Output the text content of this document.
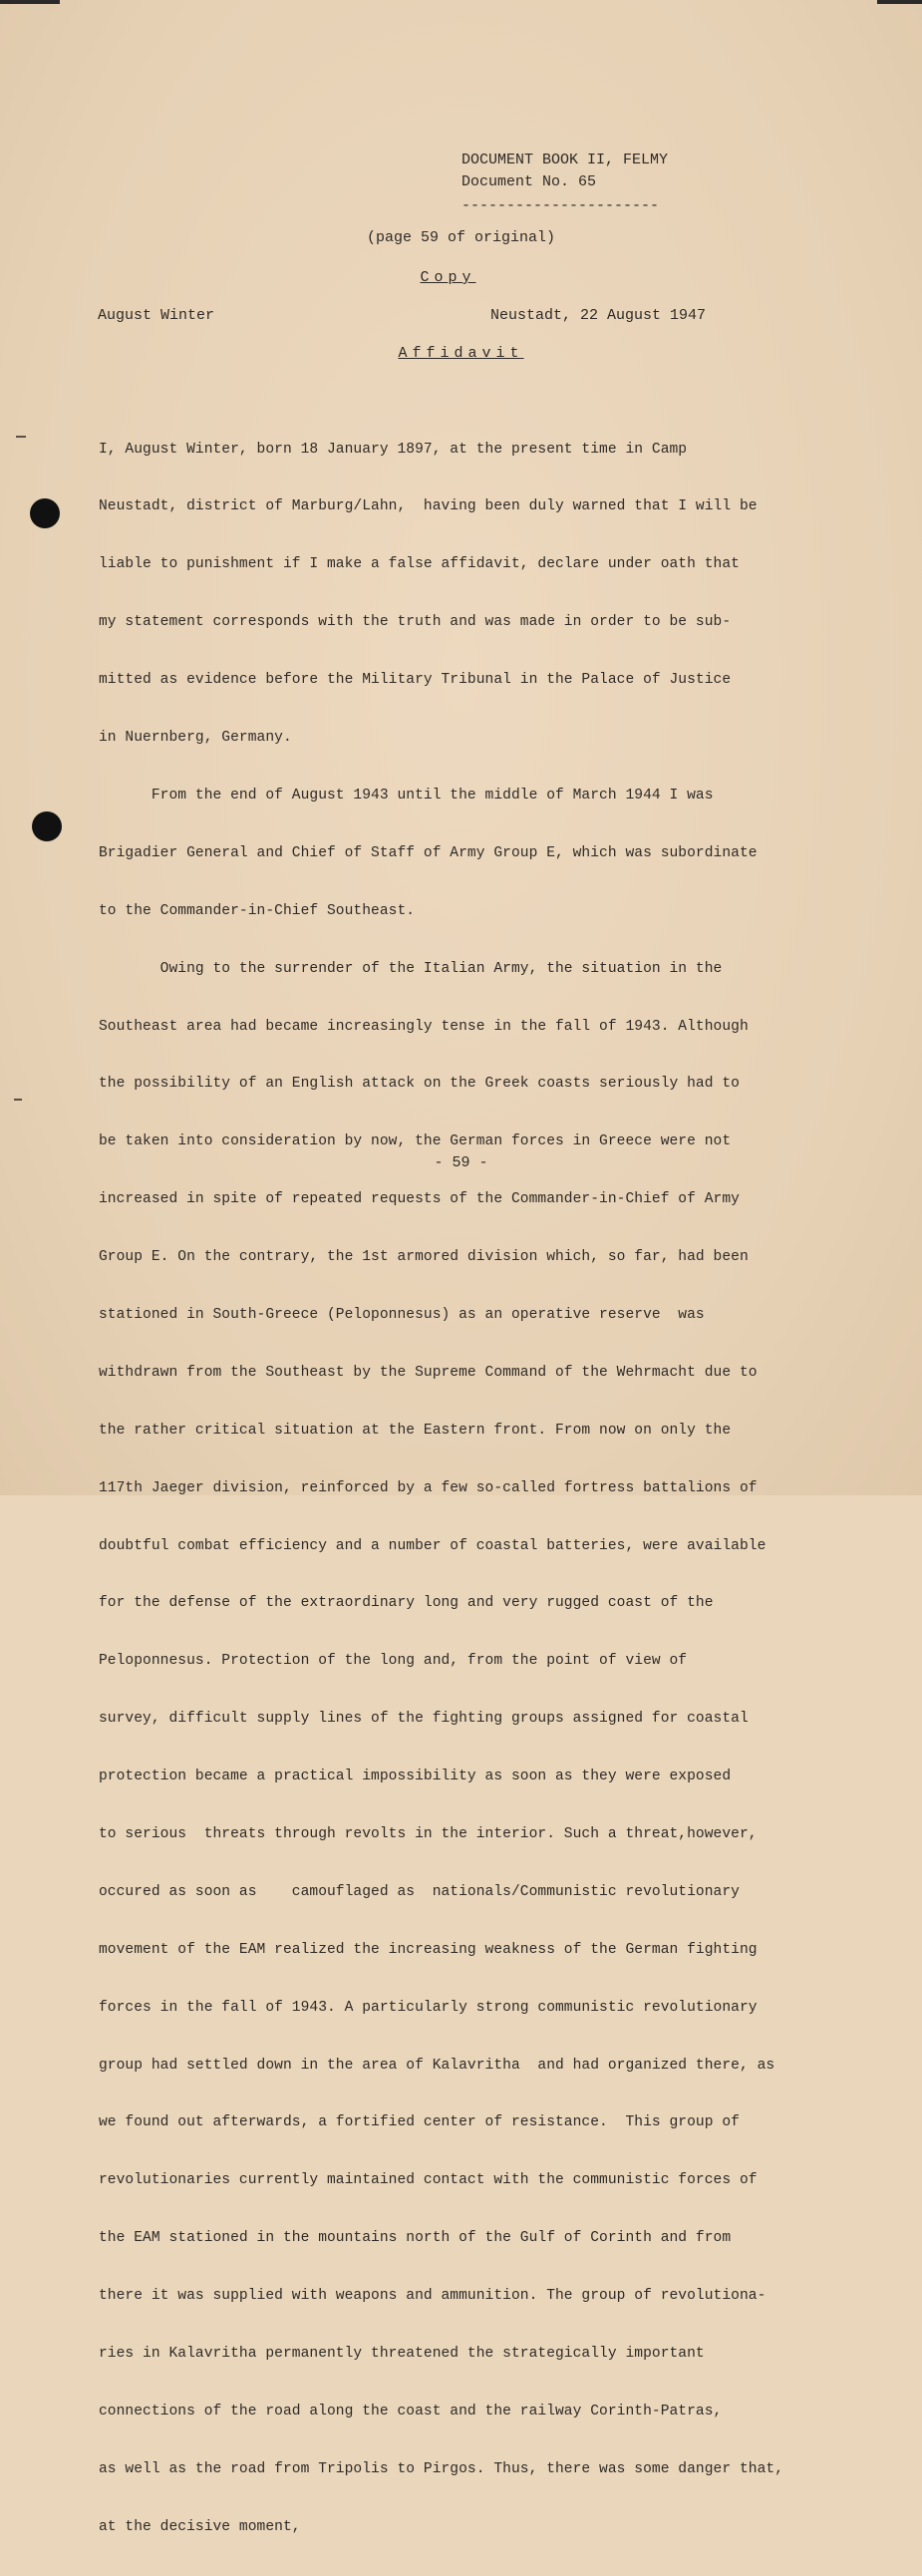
DOCUMENT BOOK II, FELMY
Document No. 65
----------------------
(page 59 of original)
Copy
August Winter	Neustadt, 22 August 1947
Affidavit

I, August Winter, born 18 January 1897, at the present time in Camp

Neustadt, district of Marburg/Lahn,  having been duly warned that I will be

liable to punishment if I make a false affidavit, declare under oath that

my statement corresponds with the truth and was made in order to be sub-

mitted as evidence before the Military Tribunal in the Palace of Justice

in Nuernberg, Germany.

From the end of August 1943 until the middle of March 1944 I was

Brigadier General and Chief of Staff of Army Group E, which was subordinate

to the Commander-in-Chief Southeast.

Owing to the surrender of the Italian Army, the situation in the

Southeast area had became increasingly tense in the fall of 1943. Although

the possibility of an English attack on the Greek coasts seriously had to

be taken into consideration by now, the German forces in Greece were not

increased in spite of repeated requests of the Commander-in-Chief of Army

Group E. On the contrary, the 1st armored division which, so far, had been

stationed in South-Greece (Peloponnesus) as an operative reserve  was

withdrawn from the Southeast by the Supreme Command of the Wehrmacht due to

the rather critical situation at the Eastern front. From now on only the

117th Jaeger division, reinforced by a few so-called fortress battalions of

doubtful combat efficiency and a number of coastal batteries, were available

for the defense of the extraordinary long and very rugged coast of the

Peloponnesus. Protection of the long and, from the point of view of

survey, difficult supply lines of the fighting groups assigned for coastal

protection became a practical impossibility as soon as they were exposed

to serious  threats through revolts in the interior. Such a threat,however,

occured as soon as    camouflaged as  nationals/Communistic revolutionary

movement of the EAM realized the increasing weakness of the German fighting

forces in the fall of 1943. A particularly strong communistic revolutionary

group had settled down in the area of Kalavritha  and had organized there, as

we found out afterwards, a fortified center of resistance.  This group of

revolutionaries currently maintained contact with the communistic forces of

the EAM stationed in the mountains north of the Gulf of Corinth and from

there it was supplied with weapons and ammunition. The group of revolutiona-

ries in Kalavritha permanently threatened the strategically important

connections of the road along the coast and the railway Corinth-Patras,

as well as the road from Tripolis to Pirgos. Thus, there was some danger that,

at the decisive moment,

- 59 -
